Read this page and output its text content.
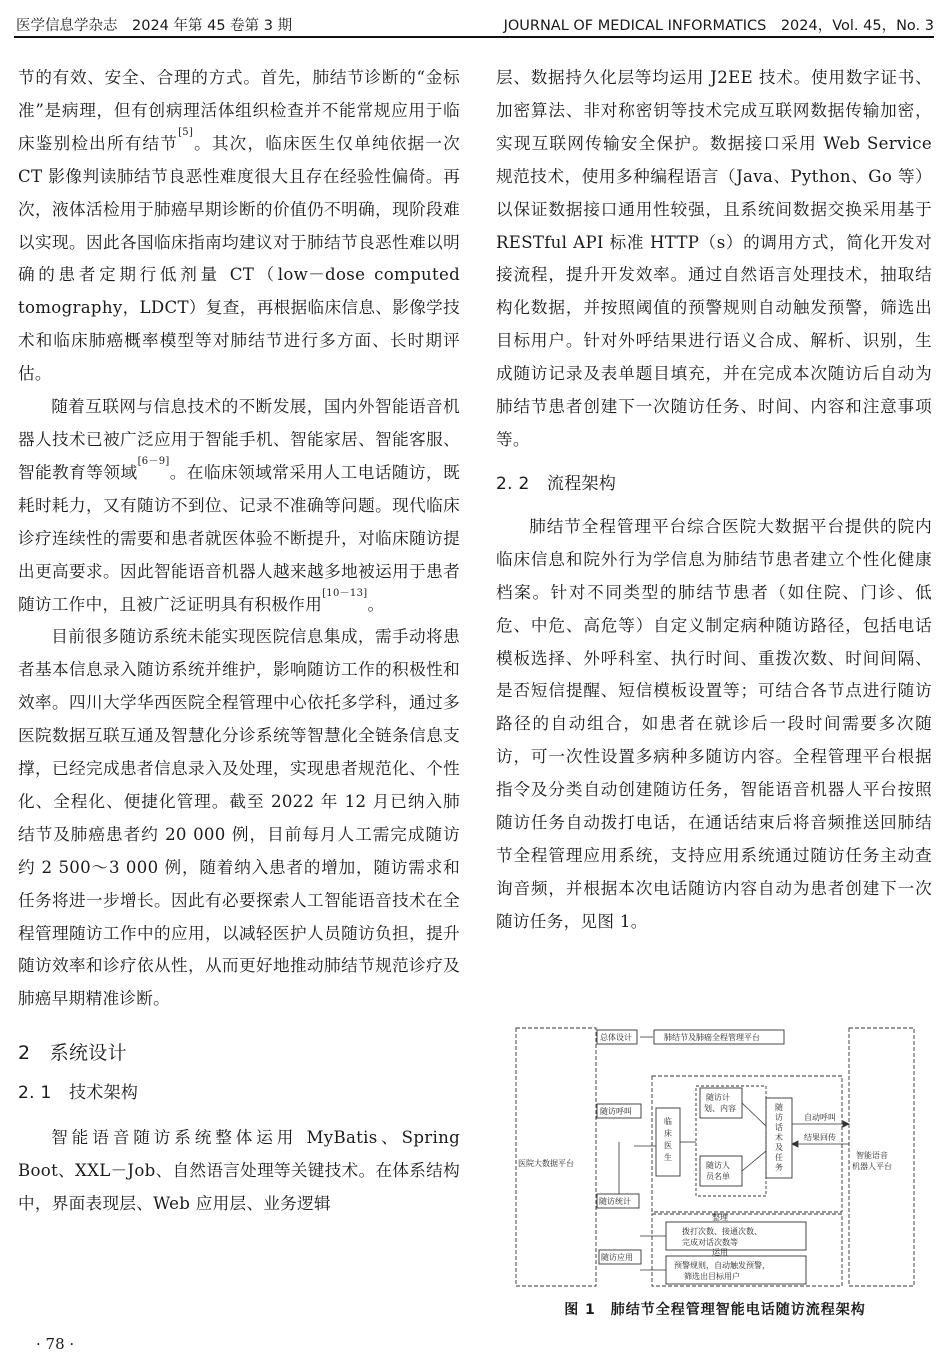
医学信息学杂志　2024 年第 45 卷第 3 期	JOURNAL OF MEDICAL INFORMATICS　2024，Vol. 45，No. 3

节的有效、安全、合理的方式。首先，肺结节诊断的“金标准”是病理，但有创病理活体组织检查并不能常规应用于临床鉴别检出所有结节[5]。其次，临床医生仅单纯依据一次 CT 影像判读肺结节良恶性难度很大且存在经验性偏倚。再次，液体活检用于肺癌早期诊断的价值仍不明确，现阶段难以实现。因此各国临床指南均建议对于肺结节良恶性难以明确的患者定期行低剂量 CT（low－dose computed tomography，LDCT）复查，再根据临床信息、影像学技术和临床肺癌概率模型等对肺结节进行多方面、长时期评估。

随着互联网与信息技术的不断发展，国内外智能语音机器人技术已被广泛应用于智能手机、智能家居、智能客服、智能教育等领域[6－9]。在临床领域常采用人工电话随访，既耗时耗力，又有随访不到位、记录不准确等问题。现代临床诊疗连续性的需要和患者就医体验不断提升，对临床随访提出更高要求。因此智能语音机器人越来越多地被运用于患者随访工作中，且被广泛证明具有积极作用[10－13]。

目前很多随访系统未能实现医院信息集成，需手动将患者基本信息录入随访系统并维护，影响随访工作的积极性和效率。四川大学华西医院全程管理中心依托多学科，通过多医院数据互联互通及智慧化分诊系统等智慧化全链条信息支撑，已经完成患者信息录入及处理，实现患者规范化、个性化、全程化、便捷化管理。截至 2022 年 12 月已纳入肺结节及肺癌患者约 20 000 例，目前每月人工需完成随访约 2 500～3 000 例，随着纳入患者的增加，随访需求和任务将进一步增长。因此有必要探索人工智能语音技术在全程管理随访工作中的应用，以减轻医护人员随访负担，提升随访效率和诊疗依从性，从而更好地推动肺结节规范诊疗及肺癌早期精准诊断。

2　系统设计

2. 1　技术架构

智能语音随访系统整体运用 MyBatis、Spring Boot、XXL－Job、自然语言处理等关键技术。在体系结构中，界面表现层、Web 应用层、业务逻辑

层、数据持久化层等均运用 J2EE 技术。使用数字证书、加密算法、非对称密钥等技术完成互联网数据传输加密，实现互联网传输安全保护。数据接口采用 Web Service 规范技术，使用多种编程语言（Java、Python、Go 等）以保证数据接口通用性较强，且系统间数据交换采用基于 RESTful API 标准 HTTP（s）的调用方式，简化开发对接流程，提升开发效率。通过自然语言处理技术，抽取结构化数据，并按照阈值的预警规则自动触发预警，筛选出目标用户。针对外呼结果进行语义合成、解析、识别，生成随访记录及表单题目填充，并在完成本次随访后自动为肺结节患者创建下一次随访任务、时间、内容和注意事项等。

2. 2　流程架构

肺结节全程管理平台综合医院大数据平台提供的院内临床信息和院外行为学信息为肺结节患者建立个性化健康档案。针对不同类型的肺结节患者（如住院、门诊、低危、中危、高危等）自定义制定病种随访路径，包括电话模板选择、外呼科室、执行时间、重拨次数、时间间隔、是否短信提醒、短信模板设置等；可结合各节点进行随访路径的自动组合，如患者在就诊后一段时间需要多次随访，可一次性设置多病种多随访内容。全程管理平台根据指令及分类自动创建随访任务，智能语音机器人平台按照随访任务自动拨打电话，在通话结束后将音频推送回肺结节全程管理应用系统，支持应用系统通过随访任务主动查询音频，并根据本次电话随访内容自动为患者创建下一次随访任务，见图 1。

总体设计	肺结节及肺癌全程管理平台
随访呼叫
随访统计
随访应用
医院大数据平台
临
床
医
生
随访计
划、内容
随访人
员名单
随
访
话
术
及
任
务
自动呼叫
结果回传
智能语音
机器人平台
整理
拨打次数、接通次数、
完成对话次数等
运用
预警规则，自动触发预警，
筛选出目标用户
图 1　肺结节全程管理智能电话随访流程架构
· 78 ·
